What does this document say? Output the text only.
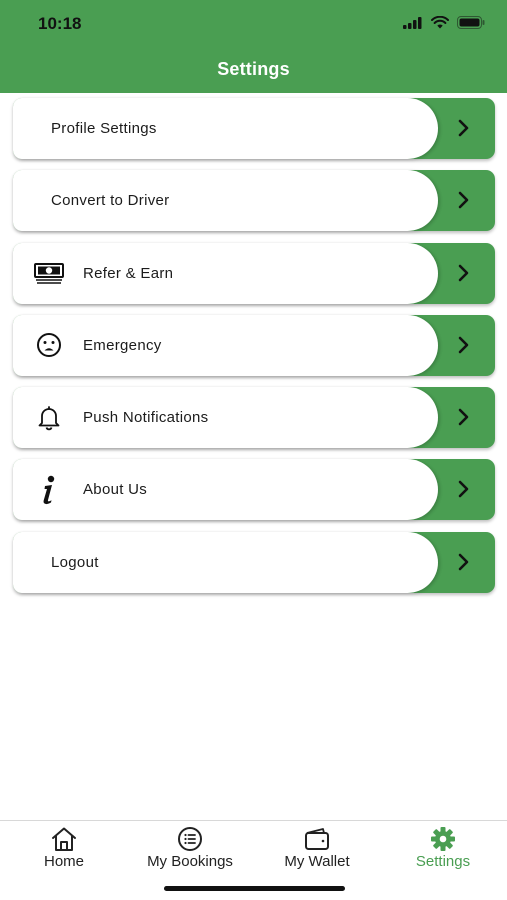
10:18
Settings
Profile Settings
Convert to Driver
Refer & Earn
Emergency
Push Notifications
About Us
Logout
Home	My Bookings	My Wallet	Settings
